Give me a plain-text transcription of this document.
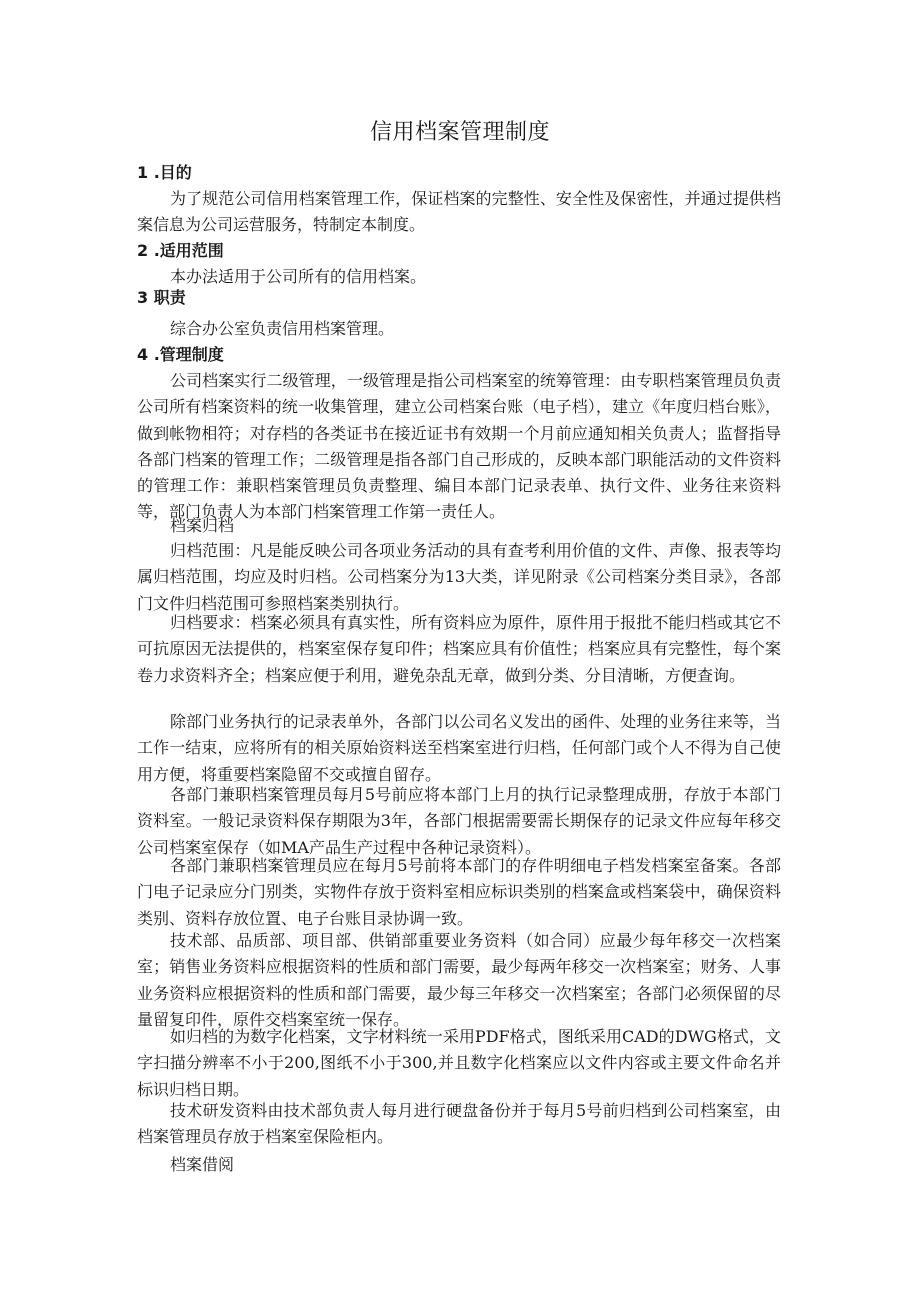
信用档案管理制度
1 .目的

为了规范公司信用档案管理工作，保证档案的完整性、安全性及保密性，并通过提供档案信息为公司运营服务，特制定本制度。

2 .适用范围

本办法适用于公司所有的信用档案。

3 职责

综合办公室负责信用档案管理。

4 .管理制度

公司档案实行二级管理，一级管理是指公司档案室的统筹管理：由专职档案管理员负责公司所有档案资料的统一收集管理，建立公司档案台账（电子档），建立《年度归档台账》，做到帐物相符；对存档的各类证书在接近证书有效期一个月前应通知相关负责人；监督指导各部门档案的管理工作；二级管理是指各部门自己形成的，反映本部门职能活动的文件资料的管理工作：兼职档案管理员负责整理、编目本部门记录表单、执行文件、业务往来资料等，部门负责人为本部门档案管理工作第一责任人。

档案归档

归档范围：凡是能反映公司各项业务活动的具有查考利用价值的文件、声像、报表等均属归档范围，均应及时归档。公司档案分为13大类，详见附录《公司档案分类目录》，各部门文件归档范围可参照档案类别执行。

归档要求：档案必须具有真实性，所有资料应为原件，原件用于报批不能归档或其它不可抗原因无法提供的，档案室保存复印件；档案应具有价值性；档案应具有完整性，每个案卷力求资料齐全；档案应便于利用，避免杂乱无章，做到分类、分目清晰，方便查询。

除部门业务执行的记录表单外，各部门以公司名义发出的函件、处理的业务往来等，当工作一结束，应将所有的相关原始资料送至档案室进行归档，任何部门或个人不得为自己使用方便，将重要档案隐留不交或擅自留存。

各部门兼职档案管理员每月5号前应将本部门上月的执行记录整理成册，存放于本部门资料室。一般记录资料保存期限为3年，各部门根据需要需长期保存的记录文件应每年移交公司档案室保存（如MA产品生产过程中各种记录资料）。

各部门兼职档案管理员应在每月5号前将本部门的存件明细电子档发档案室备案。各部门电子记录应分门别类，实物件存放于资料室相应标识类别的档案盒或档案袋中，确保资料类别、资料存放位置、电子台账目录协调一致。

技术部、品质部、项目部、供销部重要业务资料（如合同）应最少每年移交一次档案室；销售业务资料应根据资料的性质和部门需要，最少每两年移交一次档案室；财务、人事业务资料应根据资料的性质和部门需要，最少每三年移交一次档案室；各部门必须保留的尽量留复印件，原件交档案室统一保存。

如归档的为数字化档案，文字材料统一采用PDF格式，图纸采用CAD的DWG格式，文字扫描分辨率不小于200,图纸不小于300,并且数字化档案应以文件内容或主要文件命名并标识归档日期。

技术研发资料由技术部负责人每月进行硬盘备份并于每月5号前归档到公司档案室，由档案管理员存放于档案室保险柜内。

档案借阅
